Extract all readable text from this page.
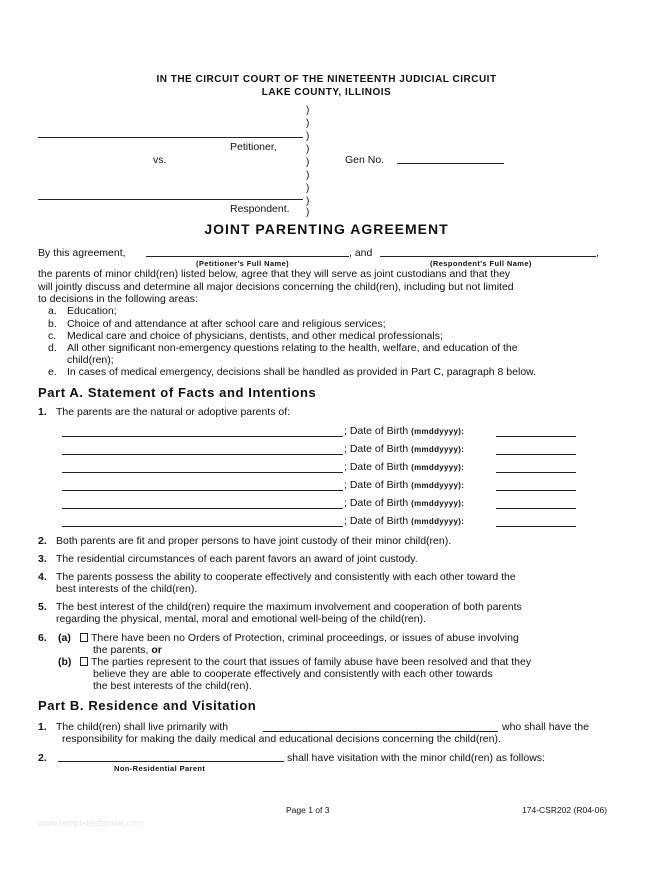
IN THE CIRCUIT COURT OF THE NINETEENTH JUDICIAL CIRCUIT
LAKE COUNTY, ILLINOIS
)
)
)
)
)
)
)
)
)
Petitioner,
vs.	Gen No.
Respondent.
JOINT PARENTING AGREEMENT
By this agreement,	, and	,
(Petitioner's Full Name)	(Respondent's Full Name)
the parents of minor child(ren) listed below, agree that they will serve as joint custodians and that they
will jointly discuss and determine all major decisions concerning the child(ren), including but not limited
to decisions in the following areas:
a. Education;
b. Choice of and attendance at after school care and religious services;
c. Medical care and choice of physicians, dentists, and other medical professionals;
d. All other significant non-emergency questions relating to the health, welfare, and education of the
child(ren);
e. In cases of medical emergency, decisions shall be handled as provided in Part C, paragraph 8 below.
Part A. Statement of Facts and Intentions
1. The parents are the natural or adoptive parents of:
; Date of Birth (mmddyyyy):
; Date of Birth (mmddyyyy):
; Date of Birth (mmddyyyy):
; Date of Birth (mmddyyyy):
; Date of Birth (mmddyyyy):
; Date of Birth (mmddyyyy):
2. Both parents are fit and proper persons to have joint custody of their minor child(ren).
3. The residential circumstances of each parent favors an award of joint custody.
4. The parents possess the ability to cooperate effectively and consistently with each other toward the
best interests of the child(ren).
5. The best interest of the child(ren) require the maximum involvement and cooperation of both parents
regarding the physical, mental, moral and emotional well-being of the child(ren).
6. (a)	There have been no Orders of Protection, criminal proceedings, or issues of abuse involving
the parents, or
(b)	The parties represent to the court that issues of family abuse have been resolved and that they
believe they are able to cooperate effectively and consistently with each other towards
the best interests of the child(ren).
Part B. Residence and Visitation
1. The child(ren) shall live primarily with	who shall have the
responsibility for making the daily medical and educational decisions concerning the child(ren).
2.	shall have visitation with the minor child(ren) as follows:
Non-Residential Parent
Page 1 of 3	174-CSR202 (R04-06)
www.templatesformat.com
